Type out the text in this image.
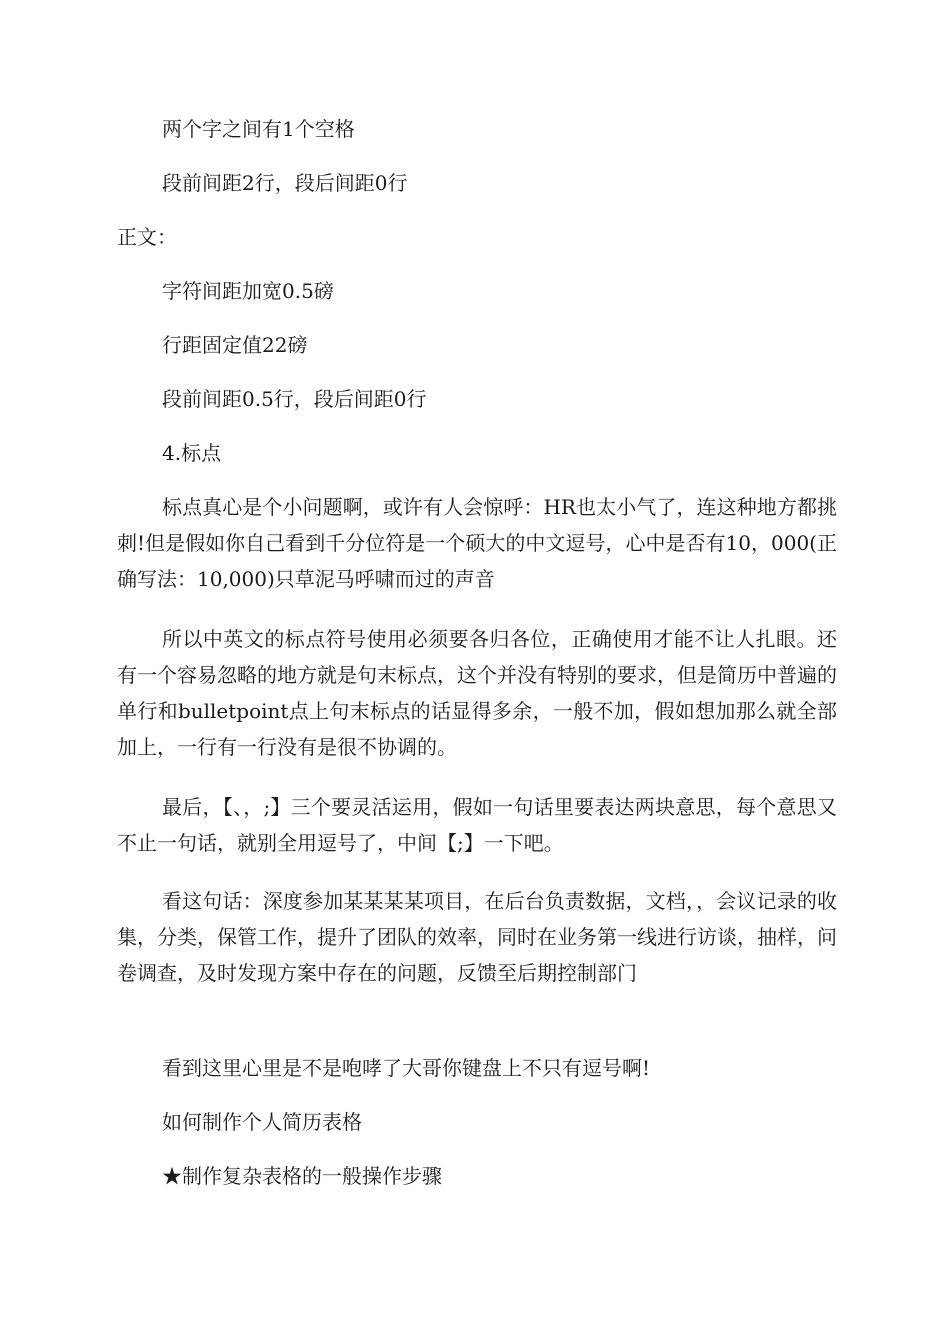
两个字之间有1个空格
段前间距2行，段后间距0行
正文：
字符间距加宽0.5磅
行距固定值22磅
段前间距0.5行，段后间距0行
4.标点
标点真心是个小问题啊，或许有人会惊呼：HR也太小气了，连这种地方都挑刺!但是假如你自己看到千分位符是一个硕大的中文逗号，心中是否有10，000(正确写法：10,000)只草泥马呼啸而过的声音
所以中英文的标点符号使用必须要各归各位，正确使用才能不让人扎眼。还有一个容易忽略的地方就是句末标点，这个并没有特别的要求，但是简历中普遍的单行和bulletpoint点上句末标点的话显得多余，一般不加，假如想加那么就全部加上，一行有一行没有是很不协调的。
最后，【、，;】三个要灵活运用，假如一句话里要表达两块意思，每个意思又不止一句话，就别全用逗号了，中间【;】一下吧。
看这句话：深度参加某某某某项目，在后台负责数据，文档，，会议记录的收集，分类，保管工作，提升了团队的效率，同时在业务第一线进行访谈，抽样，问卷调查，及时发现方案中存在的问题，反馈至后期控制部门
看到这里心里是不是咆哮了大哥你键盘上不只有逗号啊!
如何制作个人简历表格
★制作复杂表格的一般操作步骤
